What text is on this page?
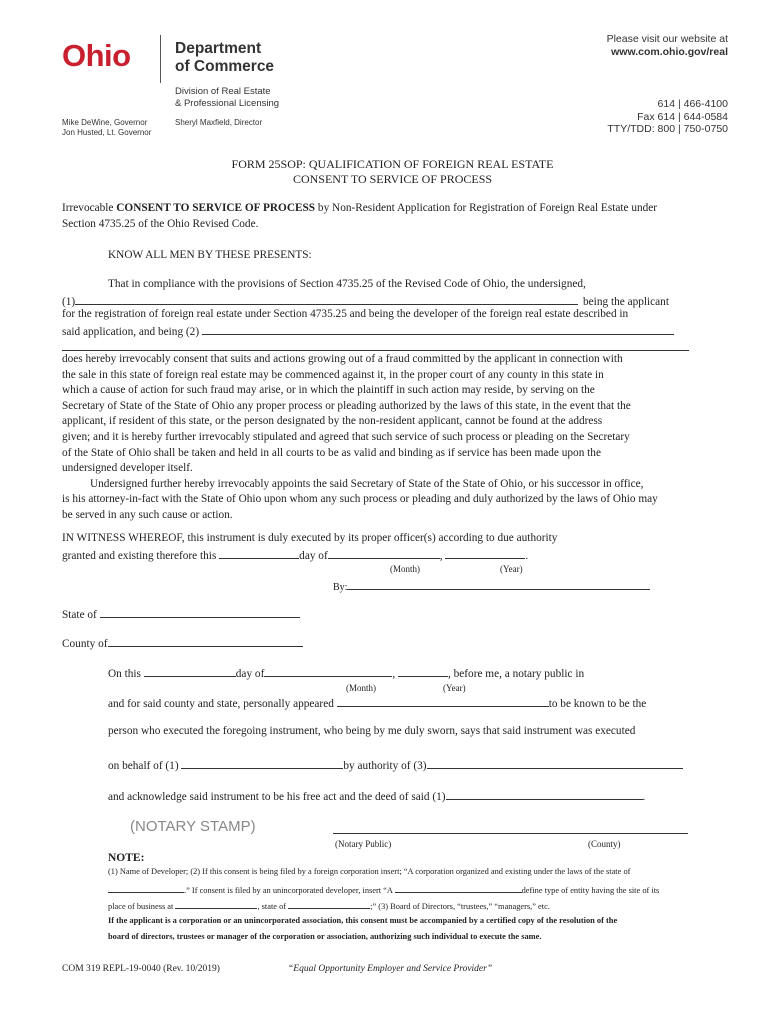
Ohio	Department
of Commerce
Division of Real Estate
& Professional Licensing
Mike DeWine, Governor
Jon Husted, Lt. Governor
Sheryl Maxfield, Director
Please visit our website at
www.com.ohio.gov/real
614 | 466-4100
Fax 614 | 644-0584
TTY/TDD: 800 | 750-0750
FORM 25SOP: QUALIFICATION OF FOREIGN REAL ESTATE
CONSENT TO SERVICE OF PROCESS
Irrevocable CONSENT TO SERVICE OF PROCESS by Non-Resident Application for Registration of Foreign Real Estate under
Section 4735.25 of the Ohio Revised Code.
KNOW ALL MEN BY THESE PRESENTS:
That in compliance with the provisions of Section 4735.25 of the Revised Code of Ohio, the undersigned,
(1)	being the applicant
for the registration of foreign real estate under Section 4735.25 and being the developer of the foreign real estate described in
said application, and being (2)
does hereby irrevocably consent that suits and actions growing out of a fraud committed by the applicant in connection with
the sale in this state of foreign real estate may be commenced against it, in the proper court of any county in this state in
which a cause of action for such fraud may arise, or in which the plaintiff in such action may reside, by serving on the
Secretary of State of the State of Ohio any proper process or pleading authorized by the laws of this state, in the event that the
applicant, if resident of this state, or the person designated by the non-resident applicant, cannot be found at the address
given; and it is hereby further irrevocably stipulated and agreed that such service of such process or pleading on the Secretary
of the State of Ohio shall be taken and held in all courts to be as valid and binding as if service has been made upon the
undersigned developer itself.
Undersigned further hereby irrevocably appoints the said Secretary of State of the State of Ohio, or his successor in office,
is his attorney-in-fact with the State of Ohio upon whom any such process or pleading and duly authorized by the laws of Ohio may
be served in any such cause or action.
IN WITNESS WHEREOF, this instrument is duly executed by its proper officer(s) according to due authority
granted and existing therefore this	day of	,	.
(Month)	(Year)
By:
State of
County of
On this	day of	,	, before me, a notary public in
(Month)	(Year)
and for said county and state, personally appeared	to be known to be the
person who executed the foregoing instrument, who being by me duly sworn, says that said instrument was executed
on behalf of (1)	by authority of (3)
and acknowledge said instrument to be his free act and the deed of said (1)	.
(NOTARY STAMP)
(Notary Public)	(County)
NOTE:
(1) Name of Developer; (2) If this consent is being filed by a foreign corporation insert; “A corporation organized and existing under the laws of the state of
.” If consent is filed by an unincorporated developer, insert “A	define type of entity having the site of its
place of business at	, state of	;” (3) Board of Directors, “trustees,” “managers,” etc.
If the applicant is a corporation or an unincorporated association, this consent must be accompanied by a certified copy of the resolution of the
board of directors, trustees or manager of the corporation or association, authorizing such individual to execute the same.
COM 319 REPL-19-0040 (Rev. 10/2019)	“Equal Opportunity Employer and Service Provider”
